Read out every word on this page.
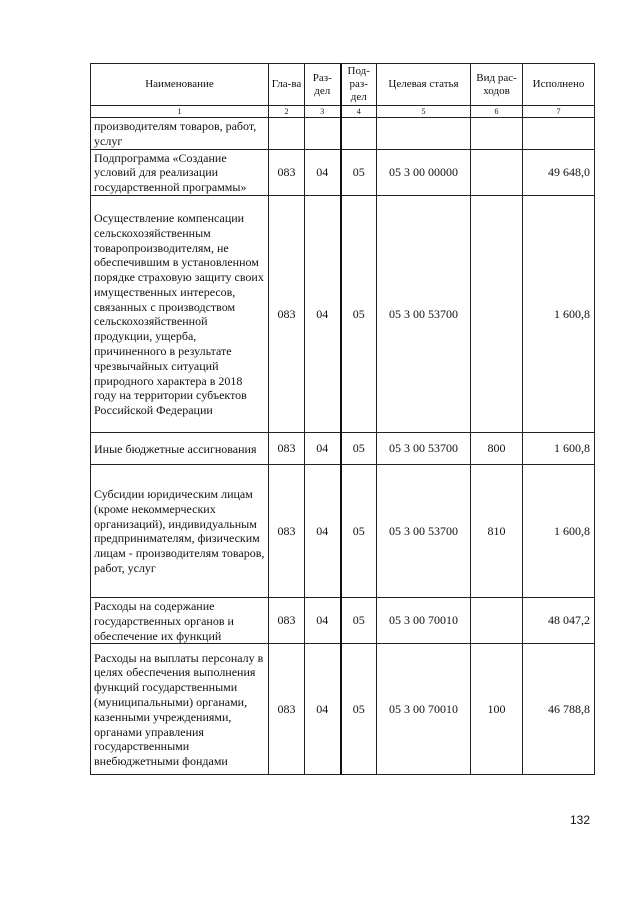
Наименование	Гла-ва	Раз-дел	Под-раз-дел	Целевая статья	Вид рас-ходов	Исполнено
1	2	3	4	5	6	7
производителям товаров, работ, услуг						
Подпрограмма «Создание условий для реализации государственной программы»	083	04	05	05 3 00 00000		49 648,0
Осуществление компенсации сельскохозяйственным товаропроизводителям, не обеспечившим в установленном порядке страховую защиту своих имущественных интересов, связанных с производством сельскохозяйственной продукции, ущерба, причиненного в результате чрезвычайных ситуаций природного характера в 2018 году на территории субъектов Российской Федерации	083	04	05	05 3 00 53700		1 600,8
Иные бюджетные ассигнования	083	04	05	05 3 00 53700	800	1 600,8
Субсидии юридическим лицам (кроме некоммерческих организаций), индивидуальным предпринимателям, физическим лицам - производителям товаров, работ, услуг	083	04	05	05 3 00 53700	810	1 600,8
Расходы на содержание государственных органов и обеспечение их функций	083	04	05	05 3 00 70010		48 047,2
Расходы на выплаты персоналу в целях обеспечения выполнения функций государственными (муниципальными) органами, казенными учреждениями, органами управления государственными внебюджетными фондами	083	04	05	05 3 00 70010	100	46 788,8
132
